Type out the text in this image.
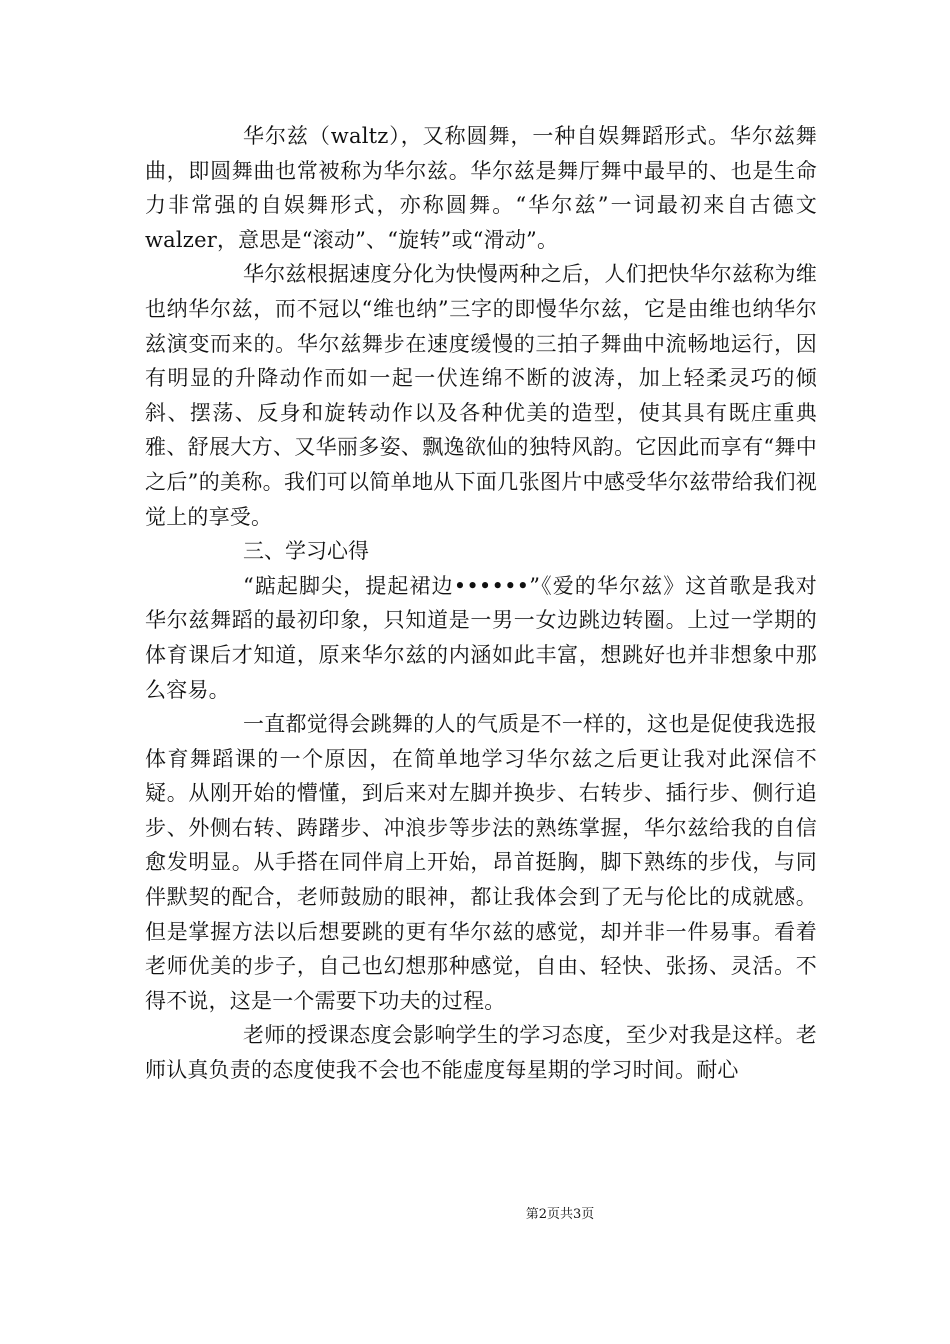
华尔兹（waltz），又称圆舞，一种自娱舞蹈形式。华尔兹舞曲，即圆舞曲也常被称为华尔兹。华尔兹是舞厅舞中最早的、也是生命力非常强的自娱舞形式，亦称圆舞。“华尔兹”一词最初来自古德文walzer，意思是“滚动”、“旋转”或“滑动”。

华尔兹根据速度分化为快慢两种之后，人们把快华尔兹称为维也纳华尔兹，而不冠以“维也纳”三字的即慢华尔兹，它是由维也纳华尔兹演变而来的。华尔兹舞步在速度缓慢的三拍子舞曲中流畅地运行，因有明显的升降动作而如一起一伏连绵不断的波涛，加上轻柔灵巧的倾斜、摆荡、反身和旋转动作以及各种优美的造型，使其具有既庄重典雅、舒展大方、又华丽多姿、飘逸欲仙的独特风韵。它因此而享有“舞中之后”的美称。我们可以简单地从下面几张图片中感受华尔兹带给我们视觉上的享受。

三、学习心得

“踮起脚尖，提起裙边••••••”《爱的华尔兹》这首歌是我对华尔兹舞蹈的最初印象，只知道是一男一女边跳边转圈。上过一学期的体育课后才知道，原来华尔兹的内涵如此丰富，想跳好也并非想象中那么容易。

一直都觉得会跳舞的人的气质是不一样的，这也是促使我选报体育舞蹈课的一个原因，在简单地学习华尔兹之后更让我对此深信不疑。从刚开始的懵懂，到后来对左脚并换步、右转步、插行步、侧行追步、外侧右转、踌躇步、冲浪步等步法的熟练掌握，华尔兹给我的自信愈发明显。从手搭在同伴肩上开始，昂首挺胸，脚下熟练的步伐，与同伴默契的配合，老师鼓励的眼神，都让我体会到了无与伦比的成就感。但是掌握方法以后想要跳的更有华尔兹的感觉，却并非一件易事。看着老师优美的步子，自己也幻想那种感觉，自由、轻快、张扬、灵活。不得不说，这是一个需要下功夫的过程。

老师的授课态度会影响学生的学习态度，至少对我是这样。老师认真负责的态度使我不会也不能虚度每星期的学习时间。耐心

第2页共3页
